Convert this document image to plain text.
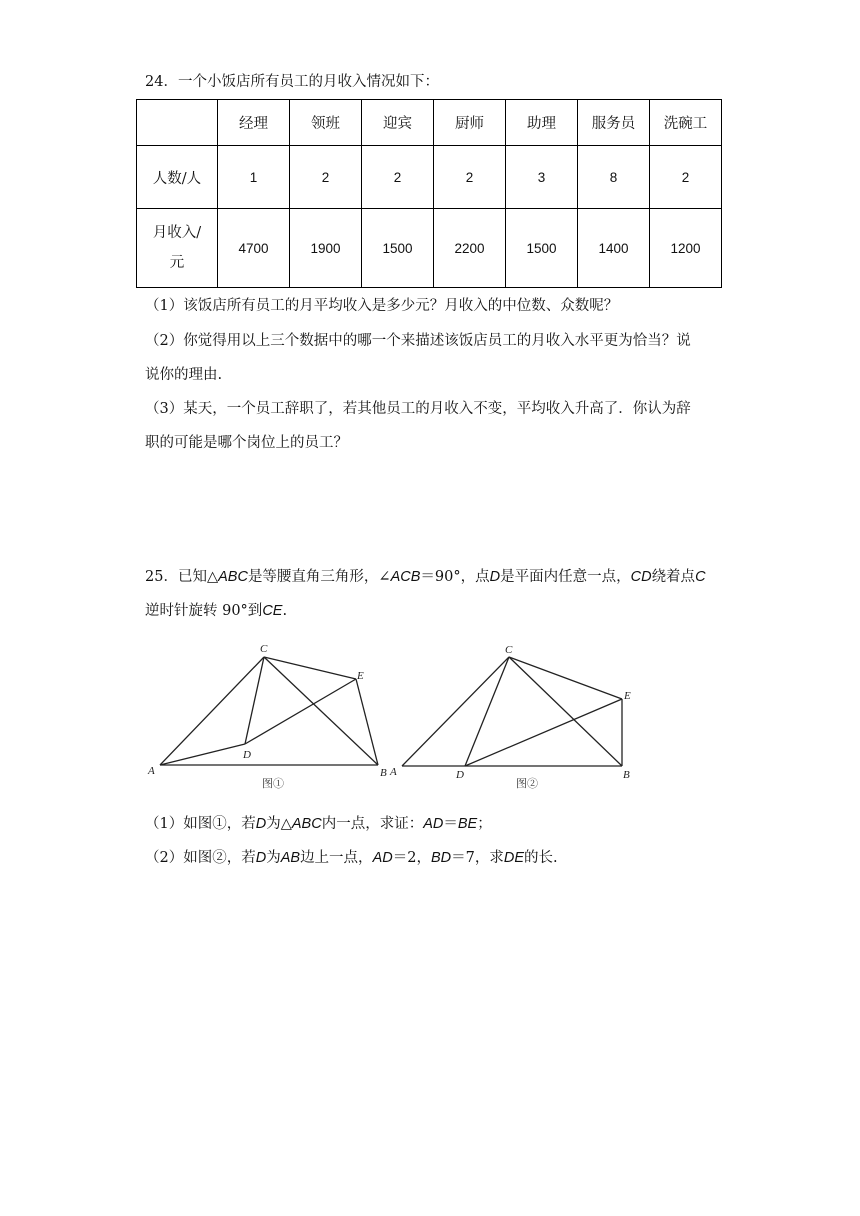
24．一个小饭店所有员工的月收入情况如下：
	经理	领班	迎宾	厨师	助理	服务员	洗碗工
人数/人	1	2	2	2	3	8	2
月收入/
元	4700	1900	1500	2200	1500	1400	1200
（1）该饭店所有员工的月平均收入是多少元？月收入的中位数、众数呢？
（2）你觉得用以上三个数据中的哪一个来描述该饭店员工的月收入水平更为恰当？说
说你的理由.
（3）某天，一个员工辞职了，若其他员工的月收入不变，平均收入升高了．你认为辞
职的可能是哪个岗位上的员工？
25．已知△ABC是等腰直角三角形，∠ACB＝90°，点D是平面内任意一点，CD绕着点C
逆时针旋转 90°到CE.
A	B
C
D
E
图①
A	B
C
D
E
图②
（1）如图①，若D为△ABC内一点，求证：AD＝BE；
（2）如图②，若D为AB边上一点，AD＝2，BD＝7，求DE的长.
